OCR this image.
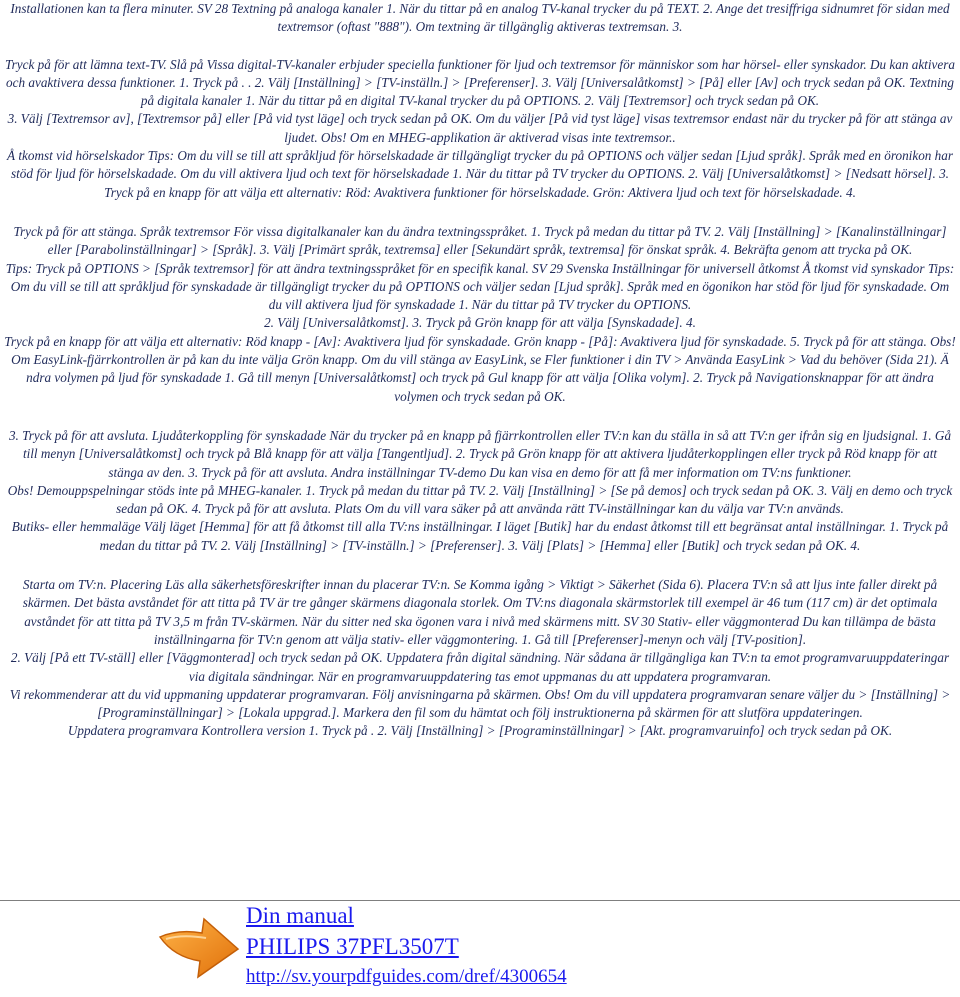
Installationen kan ta flera minuter. SV 28 Textning på analoga kanaler 1. När du tittar på en analog TV-kanal trycker du på TEXT. 2. Ange det tresiffriga sidnumret för sidan med textremsor (oftast "888"). Om textning är tillgänglig aktiveras textremsan. 3.

Tryck på för att lämna text-TV. Slå på Vissa digital-TV-kanaler erbjuder speciella funktioner för ljud och textremsor för människor som har hörsel- eller synskador. Du kan aktivera och avaktivera dessa funktioner. 1. Tryck på . . 2. Välj [Inställning] > [TV-inställn.] > [Preferenser]. 3. Välj [Universalåtkomst] > [På] eller [Av] och tryck sedan på OK. Textning på digitala kanaler 1. När du tittar på en digital TV-kanal trycker du på OPTIONS. 2. Välj [Textremsor] och tryck sedan på OK.

3. Välj [Textremsor av], [Textremsor på] eller [På vid tyst läge] och tryck sedan på OK. Om du väljer [På vid tyst läge] visas textremsor endast när du trycker på för att stänga av ljudet. Obs! Om en MHEG-applikation är aktiverad visas inte textremsor..

Å tkomst vid hörselskador Tips: Om du vill se till att språkljud för hörselskadade är tillgängligt trycker du på OPTIONS och väljer sedan [Ljud språk]. Språk med en öronikon har stöd för ljud för hörselskadade. Om du vill aktivera ljud och text för hörselskadade 1. När du tittar på TV trycker du OPTIONS. 2. Välj [Universalåtkomst] > [Nedsatt hörsel]. 3. Tryck på en knapp för att välja ett alternativ: Röd: Avaktivera funktioner för hörselskadade. Grön: Aktivera ljud och text för hörselskadade. 4.

Tryck på för att stänga. Språk textremsor För vissa digitalkanaler kan du ändra textningsspråket. 1. Tryck på medan du tittar på TV. 2. Välj [Inställning] > [Kanalinställningar] eller [Parabolinställningar] > [Språk]. 3. Välj [Primärt språk, textremsa] eller [Sekundärt språk, textremsa] för önskat språk. 4. Bekräfta genom att trycka på OK.

Tips: Tryck på OPTIONS > [Språk textremsor] för att ändra textningsspråket för en specifik kanal. SV 29 Svenska Inställningar för universell åtkomst Å tkomst vid synskador Tips: Om du vill se till att språkljud för synskadade är tillgängligt trycker du på OPTIONS och väljer sedan [Ljud språk]. Språk med en ögonikon har stöd för ljud för synskadade. Om du vill aktivera ljud för synskadade 1. När du tittar på TV trycker du OPTIONS.

2. Välj [Universalåtkomst]. 3. Tryck på Grön knapp för att välja [Synskadade]. 4.

Tryck på en knapp för att välja ett alternativ: Röd knapp - [Av]: Avaktivera ljud för synskadade. Grön knapp - [På]: Avaktivera ljud för synskadade. 5. Tryck på för att stänga. Obs! Om EasyLink-fjärrkontrollen är på kan du inte välja Grön knapp. Om du vill stänga av EasyLink, se Fler funktioner i din TV > Använda EasyLink > Vad du behöver (Sida 21). Ä ndra volymen på ljud för synskadade 1. Gå till menyn [Universalåtkomst] och tryck på Gul knapp för att välja [Olika volym]. 2. Tryck på Navigationsknappar för att ändra volymen och tryck sedan på OK.

3. Tryck på för att avsluta. Ljudåterkoppling för synskadade När du trycker på en knapp på fjärrkontrollen eller TV:n kan du ställa in så att TV:n ger ifrån sig en ljudsignal. 1. Gå till menyn [Universalåtkomst] och tryck på Blå knapp för att välja [Tangentljud]. 2. Tryck på Grön knapp för att aktivera ljudåterkopplingen eller tryck på Röd knapp för att stänga av den. 3. Tryck på för att avsluta. Andra inställningar TV-demo Du kan visa en demo för att få mer information om TV:ns funktioner.

Obs! Demouppspelningar stöds inte på MHEG-kanaler. 1. Tryck på medan du tittar på TV. 2. Välj [Inställning] > [Se på demos] och tryck sedan på OK. 3. Välj en demo och tryck sedan på OK. 4. Tryck på för att avsluta. Plats Om du vill vara säker på att använda rätt TV-inställningar kan du välja var TV:n används.

Butiks- eller hemmaläge Välj läget [Hemma] för att få åtkomst till alla TV:ns inställningar. I läget [Butik] har du endast åtkomst till ett begränsat antal inställningar. 1. Tryck på medan du tittar på TV. 2. Välj [Inställning] > [TV-inställn.] > [Preferenser]. 3. Välj [Plats] > [Hemma] eller [Butik] och tryck sedan på OK. 4.

Starta om TV:n. Placering Läs alla säkerhetsföreskrifter innan du placerar TV:n. Se Komma igång > Viktigt > Säkerhet (Sida 6). Placera TV:n så att ljus inte faller direkt på skärmen. Det bästa avståndet för att titta på TV är tre gånger skärmens diagonala storlek. Om TV:ns diagonala skärmstorlek till exempel är 46 tum (117 cm) är det optimala avståndet för att titta på TV 3,5 m från TV-skärmen. När du sitter ned ska ögonen vara i nivå med skärmens mitt. SV 30 Stativ- eller väggmonterad Du kan tillämpa de bästa inställningarna för TV:n genom att välja stativ- eller väggmontering. 1. Gå till [Preferenser]-menyn och välj [TV-position].

2. Välj [På ett TV-ställ] eller [Väggmonterad] och tryck sedan på OK. Uppdatera från digital sändning. När sådana är tillgängliga kan TV:n ta emot programvaruuppdateringar via digitala sändningar. När en programvaruuppdatering tas emot uppmanas du att uppdatera programvaran.

Vi rekommenderar att du vid uppmaning uppdaterar programvaran. Följ anvisningarna på skärmen. Obs! Om du vill uppdatera programvaran senare väljer du > [Inställning] > [Programinställningar] > [Lokala uppgrad.]. Markera den fil som du hämtat och följ instruktionerna på skärmen för att slutföra uppdateringen.

Uppdatera programvara Kontrollera version 1. Tryck på . 2. Välj [Inställning] > [Programinställningar] > [Akt. programvaruinfo] och tryck sedan på OK.

Din manual
PHILIPS 37PFL3507T
http://sv.yourpdfguides.com/dref/4300654
